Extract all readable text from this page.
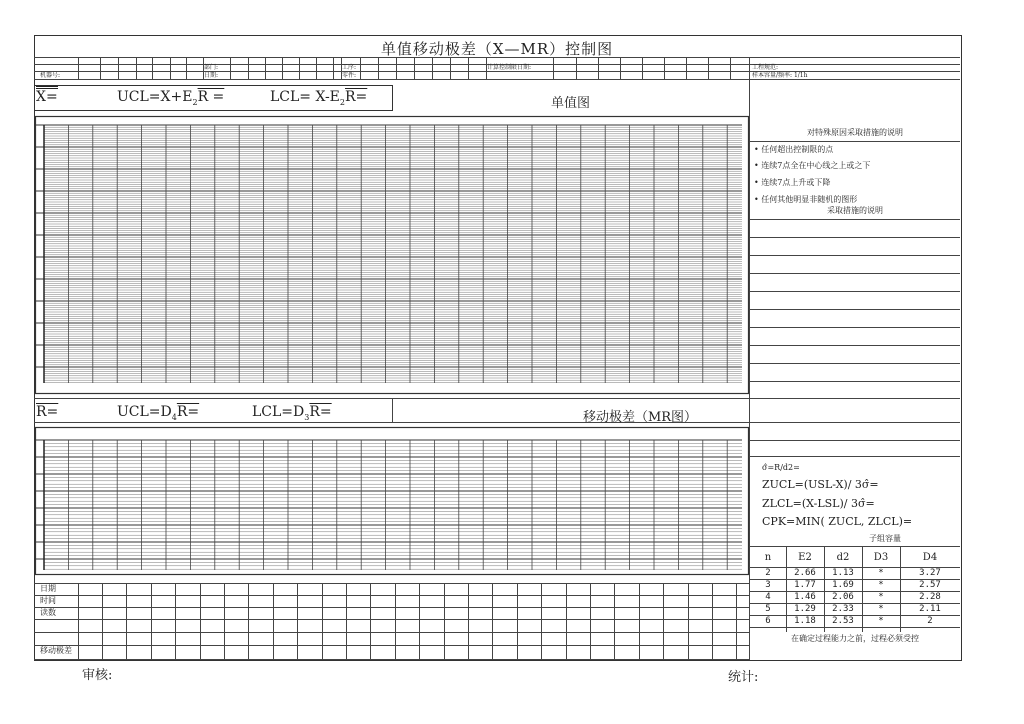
单值移动极差（X—MR）控制图
部门:
日期:
机器号:
工序:
零件:
计算控制限日期:	工程规范:
样本容量/频率: 1/1h
X=	$UCL=X+E_2R$ =	$LCL= X-E_2R=$	单值图
对特殊原因采取措施的说明
• 任何超出控制限的点
• 连续7点全在中心线之上或之下
• 连续7点上升或下降
• 任何其他明显非随机的图形
采取措施的说明
R=	$UCL=D_4R=$	$LCL=D_3R=$	移动极差（MR图）
σ̂=R/d2=
ZUCL=(USL-X)/ 3σ̂=
ZLCL=(X-LSL)/ 3σ̂=
CPK=MIN( ZUCL, ZLCL)=
子组容量
n	E2	d2	D3	D4
2	2.66	1.13	*	3.27
3	1.77	1.69	*	2.57
4	1.46	2.06	*	2.28
5	1.29	2.33	*	2.11
6	1.18	2.53	*	2
在确定过程能力之前，过程必须受控
日期
时间
读数
移动极差
审核:	统计:
